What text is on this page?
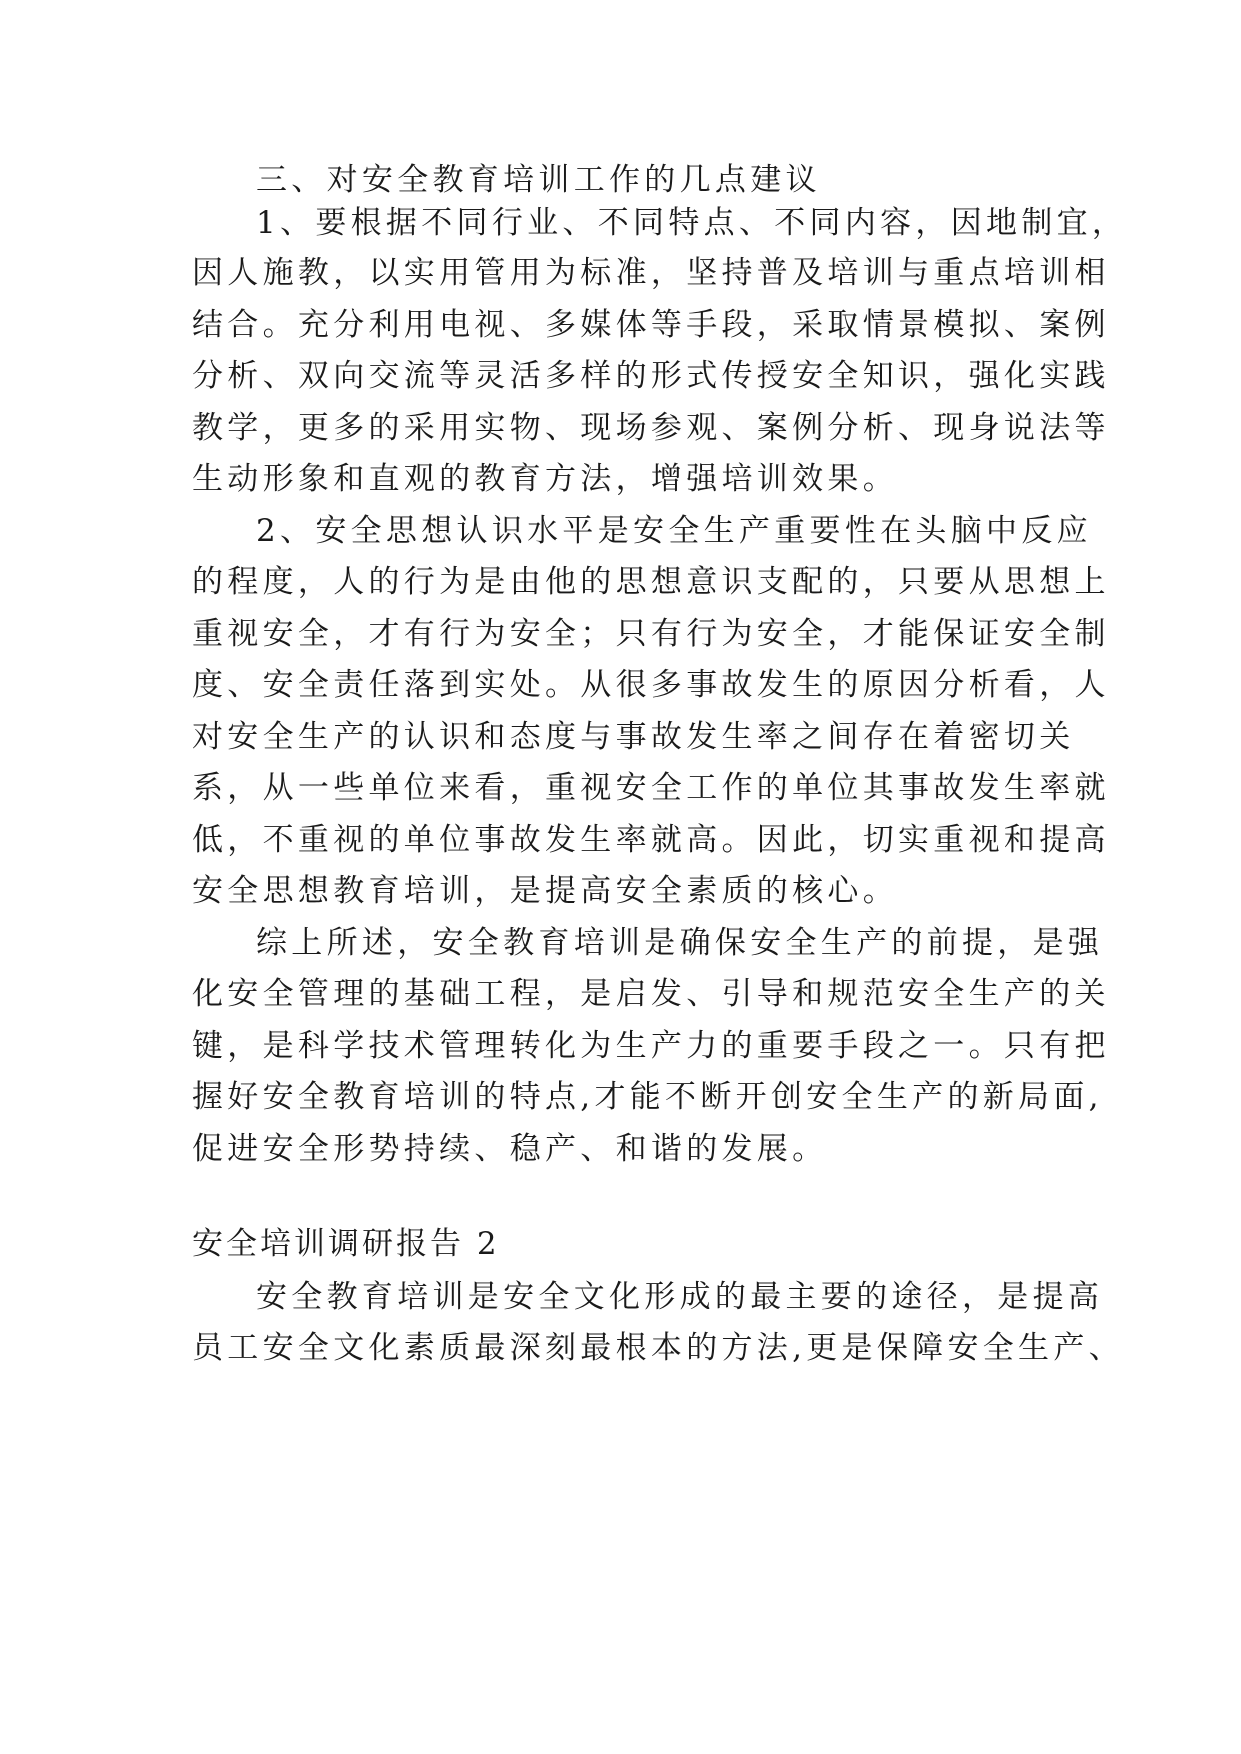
三、对安全教育培训工作的几点建议
1、要根据不同行业、不同特点、不同内容，因地制宜，
因人施教，以实用管用为标准，坚持普及培训与重点培训相
结合。充分利用电视、多媒体等手段，采取情景模拟、案例
分析、双向交流等灵活多样的形式传授安全知识，强化实践
教学，更多的采用实物、现场参观、案例分析、现身说法等
生动形象和直观的教育方法，增强培训效果。
2、安全思想认识水平是安全生产重要性在头脑中反应
的程度，人的行为是由他的思想意识支配的，只要从思想上
重视安全，才有行为安全；只有行为安全，才能保证安全制
度、安全责任落到实处。从很多事故发生的原因分析看，人
对安全生产的认识和态度与事故发生率之间存在着密切关
系，从一些单位来看，重视安全工作的单位其事故发生率就
低，不重视的单位事故发生率就高。因此，切实重视和提高
安全思想教育培训，是提高安全素质的核心。
综上所述，安全教育培训是确保安全生产的前提，是强
化安全管理的基础工程，是启发、引导和规范安全生产的关
键，是科学技术管理转化为生产力的重要手段之一。只有把
握好安全教育培训的特点,才能不断开创安全生产的新局面,
促进安全形势持续、稳产、和谐的发展。
安全培训调研报告 2
安全教育培训是安全文化形成的最主要的途径，是提高
员工安全文化素质最深刻最根本的方法,更是保障安全生产、
